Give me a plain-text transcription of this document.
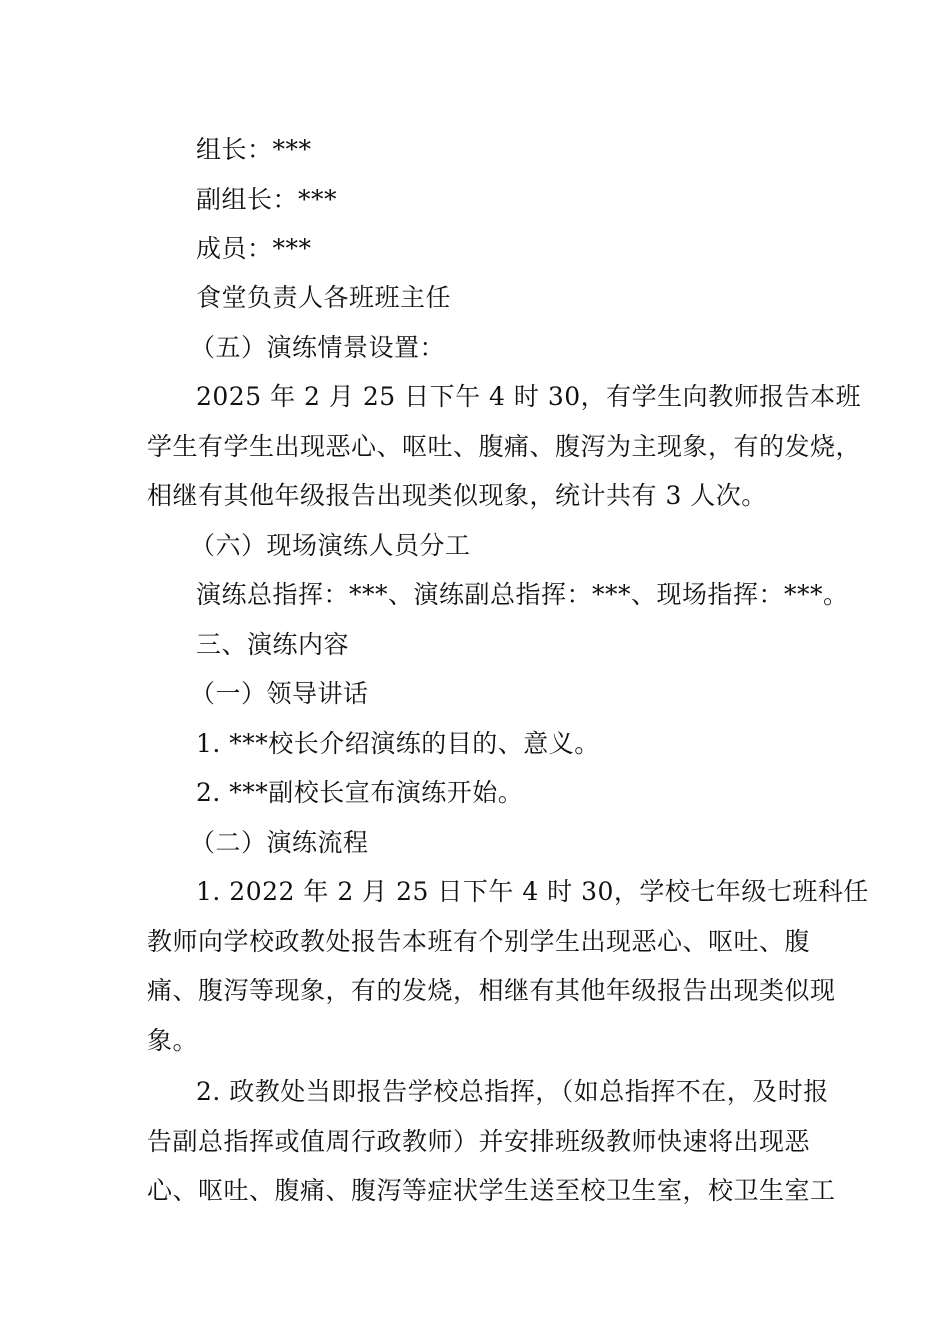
组长：***
副组长：***
成员：***
食堂负责人各班班主任
（五）演练情景设置：
2025 年 2 月 25 日下午 4 时 30，有学生向教师报告本班
学生有学生出现恶心、呕吐、腹痛、腹泻为主现象，有的发烧，
相继有其他年级报告出现类似现象，统计共有 3 人次。
（六）现场演练人员分工
演练总指挥：***、演练副总指挥：***、现场指挥：***。
三、演练内容
（一）领导讲话
1. ***校长介绍演练的目的、意义。
2. ***副校长宣布演练开始。
（二）演练流程
1. 2022 年 2 月 25 日下午 4 时 30，学校七年级七班科任
教师向学校政教处报告本班有个别学生出现恶心、呕吐、腹
痛、腹泻等现象，有的发烧，相继有其他年级报告出现类似现
象。
2. 政教处当即报告学校总指挥，（如总指挥不在，及时报
告副总指挥或值周行政教师）并安排班级教师快速将出现恶
心、呕吐、腹痛、腹泻等症状学生送至校卫生室，校卫生室工
